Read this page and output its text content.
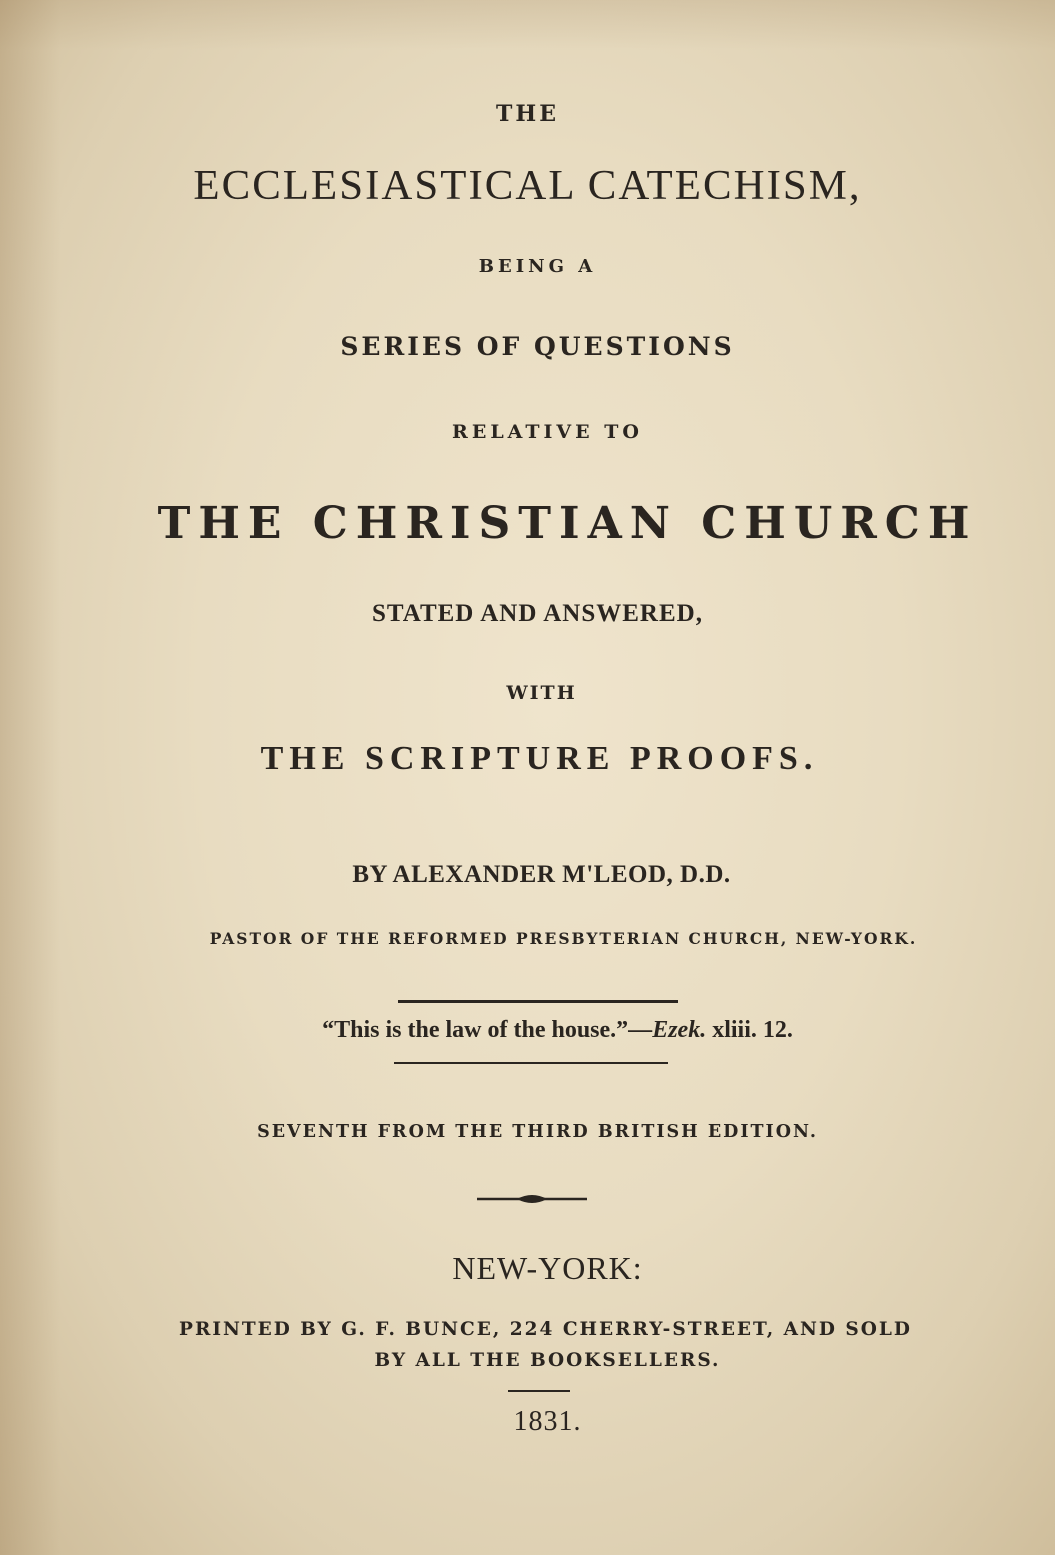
THE
ECCLESIASTICAL CATECHISM,
BEING A
SERIES OF QUESTIONS
RELATIVE TO
THE CHRISTIAN CHURCH
STATED AND ANSWERED,
WITH
THE SCRIPTURE PROOFS.
BY ALEXANDER M'LEOD, D.D.
PASTOR OF THE REFORMED PRESBYTERIAN CHURCH, NEW-YORK.
“This is the law of the house.”—Ezek. xliii. 12.
SEVENTH FROM THE THIRD BRITISH EDITION.
NEW-YORK:
PRINTED BY G. F. BUNCE, 224 CHERRY-STREET, AND SOLD
BY ALL THE BOOKSELLERS.
1831.
